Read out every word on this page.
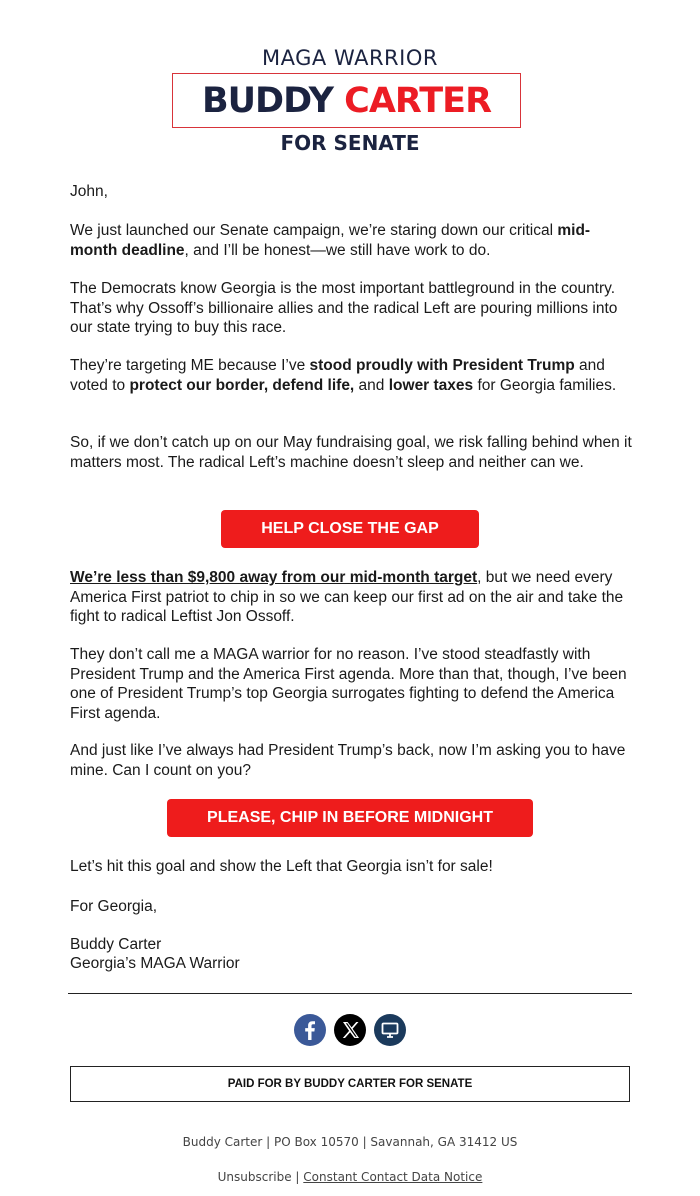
MAGA WARRIOR
BUDDY CARTER
FOR SENATE

John,

We just launched our Senate campaign, we’re staring down our critical mid-month deadline, and I’ll be honest—we still have work to do.

The Democrats know Georgia is the most important battleground in the country. That’s why Ossoff’s billionaire allies and the radical Left are pouring millions into our state trying to buy this race.

They’re targeting ME because I’ve stood proudly with President Trump and voted to protect our border, defend life, and lower taxes for Georgia families.

So, if we don’t catch up on our May fundraising goal, we risk falling behind when it matters most. The radical Left’s machine doesn’t sleep and neither can we.

We’re less than $9,800 away from our mid-month target, but we need every America First patriot to chip in so we can keep our first ad on the air and take the fight to radical Leftist Jon Ossoff.

They don’t call me a MAGA warrior for no reason. I’ve stood steadfastly with President Trump and the America First agenda. More than that, though, I’ve been one of President Trump’s top Georgia surrogates fighting to defend the America First agenda.

And just like I’ve always had President Trump’s back, now I’m asking you to have mine. Can I count on you?

Let’s hit this goal and show the Left that Georgia isn’t for sale!

For Georgia,

Buddy Carter

Georgia’s MAGA Warrior

HELP CLOSE THE GAP
PLEASE, CHIP IN BEFORE MIDNIGHT
PAID FOR BY BUDDY CARTER FOR SENATE
Buddy Carter | PO Box 10570 | Savannah, GA 31412 US
Unsubscribe | Constant Contact Data Notice
